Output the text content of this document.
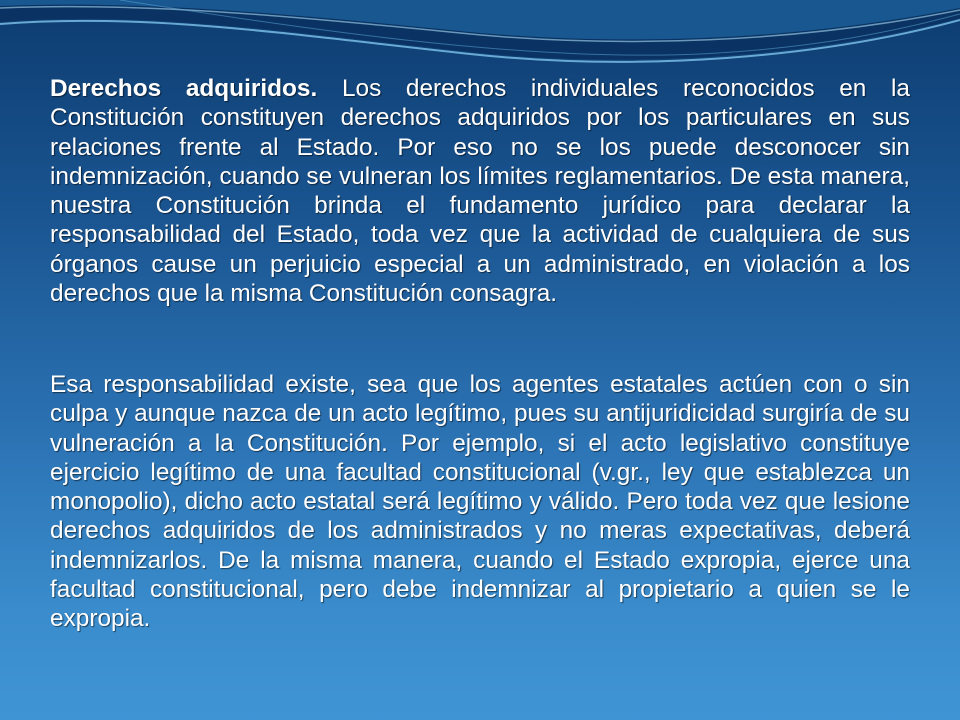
Derechos adquiridos. Los derechos individuales reconocidos en la Constitución constituyen derechos adquiridos por los particulares en sus relaciones frente al Estado. Por eso no se los puede desconocer sin indemnización, cuando se vulneran los límites reglamentarios. De esta manera, nuestra Constitución brinda el fundamento jurídico para declarar la responsabilidad del Estado, toda vez que la actividad de cualquiera de sus órganos cause un perjuicio especial a un administrado, en violación a los derechos que la misma Constitución consagra.

Esa responsabilidad existe, sea que los agentes estatales actúen con o sin culpa y aunque nazca de un acto legítimo, pues su antijuridicidad surgiría de su vulneración a la Constitución. Por ejemplo, si el acto legislativo constituye ejercicio legítimo de una facultad constitucional (v.gr., ley que establezca un monopolio), dicho acto estatal será legítimo y válido. Pero toda vez que lesione derechos adquiridos de los administrados y no meras expectativas, deberá indemnizarlos. De la misma manera, cuando el Estado expropia, ejerce una facultad constitucional, pero debe indemnizar al propietario a quien se le expropia.
